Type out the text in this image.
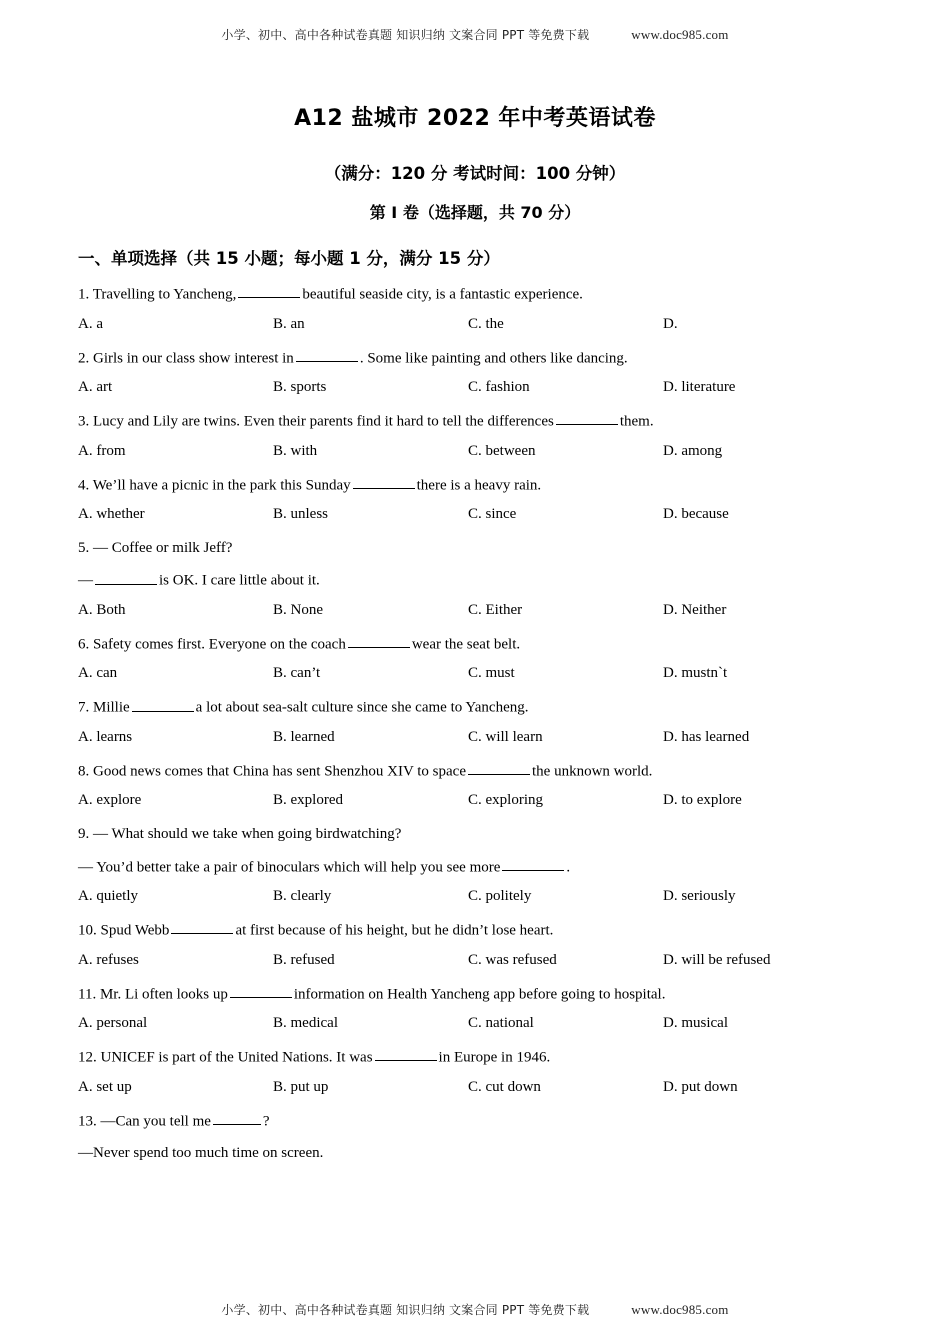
小学、初中、高中各种试卷真题 知识归纳 文案合同 PPT 等免费下载	www.doc985.com
A12 盐城市 2022 年中考英语试卷
（满分：120 分 考试时间：100 分钟）
第 I 卷（选择题，共 70 分）
一、单项选择（共 15 小题；每小题 1 分，满分 15 分）
1. Travelling to Yancheng,	beautiful seaside city, is a fantastic experience.
A. a	B. an	C. the	D.
2. Girls in our class show interest in	. Some like painting and others like dancing.
A. art	B. sports	C. fashion	D. literature
3. Lucy and Lily are twins. Even their parents find it hard to tell the differences	them.
A. from	B. with	C. between	D. among
4. We’ll have a picnic in the park this Sunday	there is a heavy rain.
A. whether	B. unless	C. since	D. because
5. — Coffee or milk Jeff?
—	is OK. I care little about it.
A. Both	B. None	C. Either	D. Neither
6. Safety comes first. Everyone on the coach	wear the seat belt.
A. can	B. can’t	C. must	D. mustn`t
7. Millie	a lot about sea-salt culture since she came to Yancheng.
A. learns	B. learned	C. will learn	D. has learned
8. Good news comes that China has sent Shenzhou XIV to space	the unknown world.
A. explore	B. explored	C. exploring	D. to explore
9. — What should we take when going birdwatching?
— You’d better take a pair of binoculars which will help you see more	.
A. quietly	B. clearly	C. politely	D. seriously
10. Spud Webb	at first because of his height, but he didn’t lose heart.
A. refuses	B. refused	C. was refused	D. will be refused
11. Mr. Li often looks up	information on Health Yancheng app before going to hospital.
A. personal	B. medical	C. national	D. musical
12. UNICEF is part of the United Nations. It was	in Europe in 1946.
A. set up	B. put up	C. cut down	D. put down
13. —Can you tell me	?
—Never spend too much time on screen.
小学、初中、高中各种试卷真题 知识归纳 文案合同 PPT 等免费下载	www.doc985.com
